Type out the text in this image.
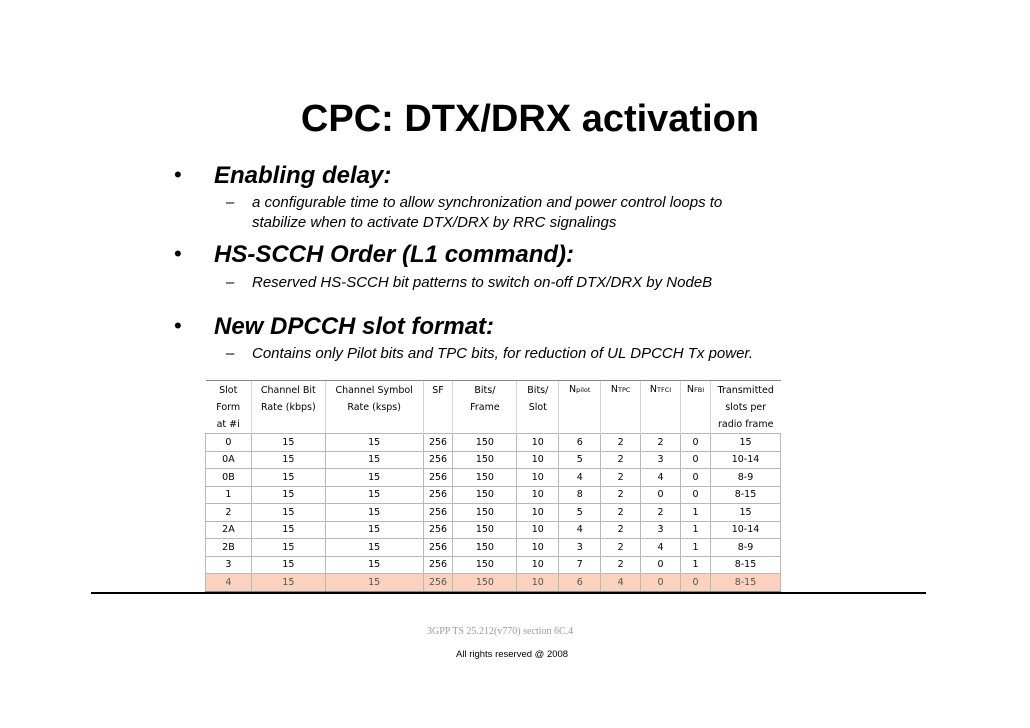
CPC: DTX/DRX activation
• Enabling delay:
– a configurable time to allow synchronization and power control loops to
stabilize when to activate DTX/DRX by RRC signalings
• HS-SCCH Order (L1 command):
– Reserved HS-SCCH bit patterns to switch on-off DTX/DRX by NodeB
• New DPCCH slot format:
– Contains only Pilot bits and TPC bits, for reduction of UL DPCCH Tx power.
Slot	Channel Bit	Channel Symbol	SF	Bits/	Bits/	Npilot	NTPC	NTFCI	NFBI	Transmitted
Form	Rate (kbps)	Rate (ksps)		Frame	Slot					slots per
at #i										radio frame
0	15	15	256	150	10	6	2	2	0	15
0A	15	15	256	150	10	5	2	3	0	10-14
0B	15	15	256	150	10	4	2	4	0	8-9
1	15	15	256	150	10	8	2	0	0	8-15
2	15	15	256	150	10	5	2	2	1	15
2A	15	15	256	150	10	4	2	3	1	10-14
2B	15	15	256	150	10	3	2	4	1	8-9
3	15	15	256	150	10	7	2	0	1	8-15
4	15	15	256	150	10	6	4	0	0	8-15
3GPP TS 25.212(v770) section 6C.4
All rights reserved @ 2008
